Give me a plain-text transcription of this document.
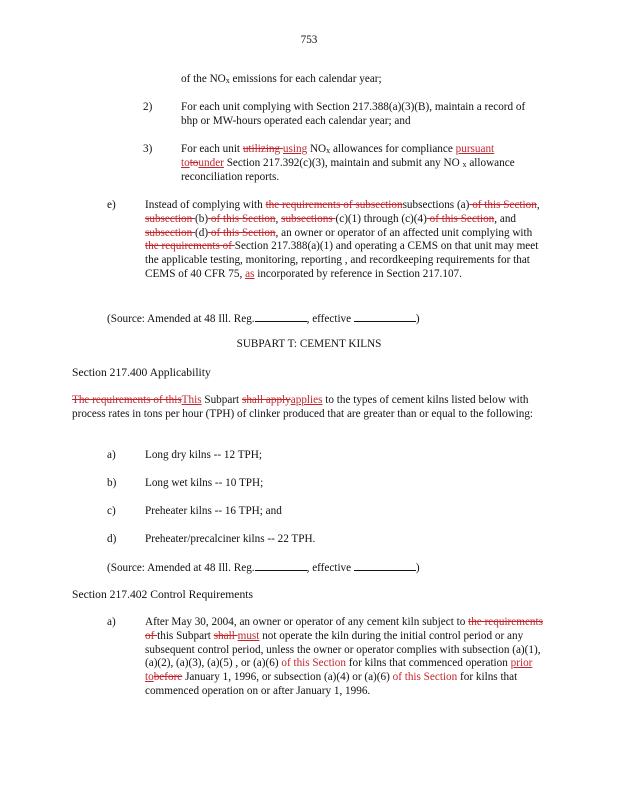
753
of the $NO_x$ emissions for each calendar year;
2)	For each unit complying with Section 217.388(a)(3)(B), maintain a record of bhp or MW-hours operated each calendar year; and
3)	For each unit utilizing using $NO_x$ allowances for compliance pursuant totounder Section 217.392(c)(3), maintain and submit any NO $_x$ allowance reconciliation reports.
e)	Instead of complying with the requirements of subsectionsubsections (a) of this Section, subsection (b) of this Section, subsections (c)(1) through (c)(4) of this Section, and subsection (d) of this Section, an owner or operator of an affected unit complying with the requirements of Section 217.388(a)(1) and operating a CEMS on that unit may meet the applicable testing, monitoring, reporting , and recordkeeping requirements for that CEMS of 40 CFR 75, as incorporated by reference in Section 217.107.
(Source: Amended at 48 Ill. Reg.	, effective	)
SUBPART T: CEMENT KILNS
Section 217.400 Applicability
The requirements of thisThis Subpart shall applyapplies to the types of cement kilns listed below with process rates in tons per hour (TPH) of clinker produced that are greater than or equal to the following:
a)	Long dry kilns -- 12 TPH;
b)	Long wet kilns -- 10 TPH;
c)	Preheater kilns -- 16 TPH; and
d)	Preheater/precalciner kilns -- 22 TPH.
(Source: Amended at 48 Ill. Reg.	, effective	)
Section 217.402 Control Requirements
a)	After May 30, 2004, an owner or operator of any cement kiln subject to the requirements of this Subpart shall must not operate the kiln during the initial control period or any subsequent control period, unless the owner or operator complies with subsection (a)(1), (a)(2), (a)(3), (a)(5) , or (a)(6) of this Section for kilns that commenced operation prior tobefore January 1, 1996, or subsection (a)(4) or (a)(6) of this Section for kilns that commenced operation on or after January 1, 1996.
